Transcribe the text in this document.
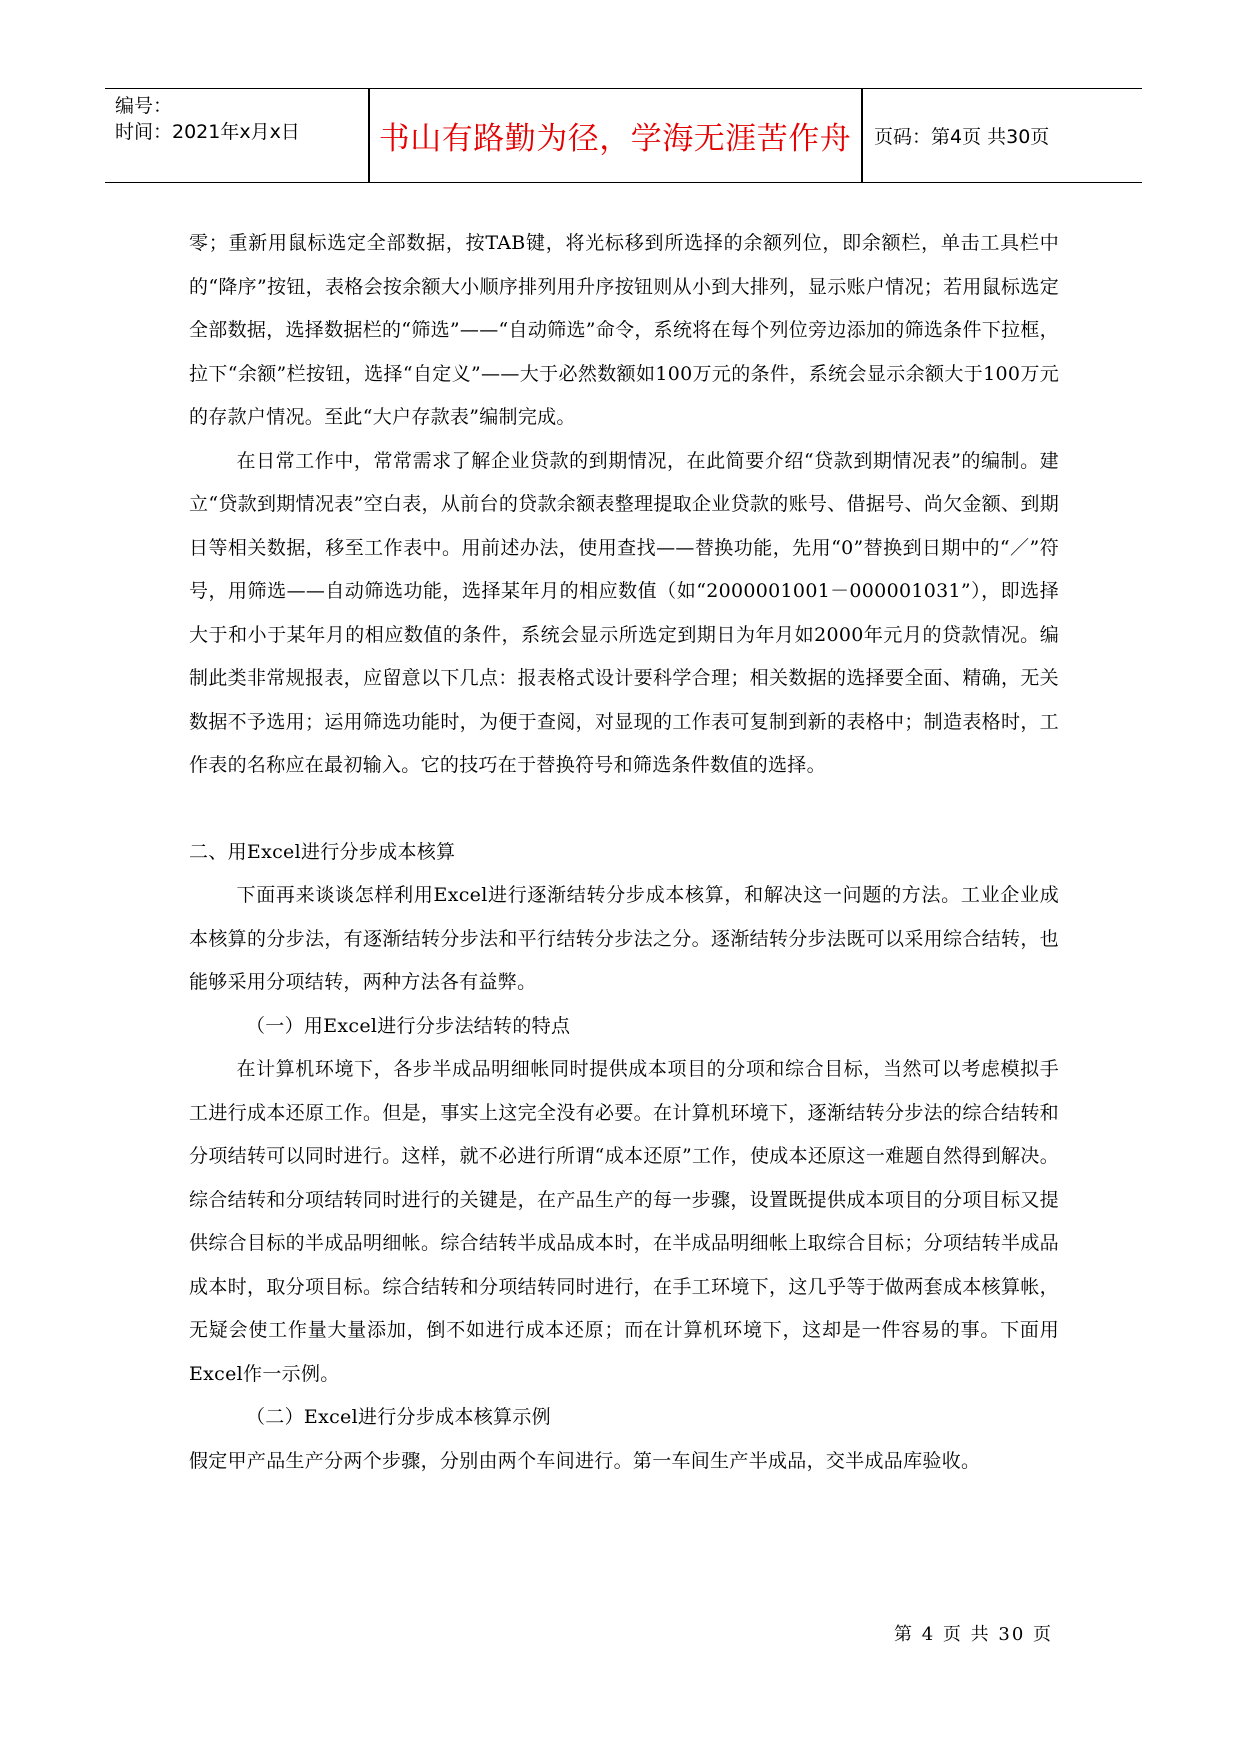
编号：
时间：2021年x月x日	书山有路勤为径，学海无涯苦作舟	页码：第4页 共30页

零；重新用鼠标选定全部数据，按TAB键，将光标移到所选择的余额列位，即余额栏，单击工具栏中的“降序”按钮，表格会按余额大小顺序排列用升序按钮则从小到大排列，显示账户情况；若用鼠标选定全部数据，选择数据栏的“筛选”——“自动筛选”命令，系统将在每个列位旁边添加的筛选条件下拉框，拉下“余额”栏按钮，选择“自定义”——大于必然数额如100万元的条件，系统会显示余额大于100万元的存款户情况。至此“大户存款表”编制完成。

在日常工作中，常常需求了解企业贷款的到期情况，在此简要介绍“贷款到期情况表”的编制。建立“贷款到期情况表”空白表，从前台的贷款余额表整理提取企业贷款的账号、借据号、尚欠金额、到期日等相关数据，移至工作表中。用前述办法，使用查找——替换功能，先用“0”替换到日期中的“／”符号，用筛选——自动筛选功能，选择某年月的相应数值（如“2000001001－000001031”），即选择大于和小于某年月的相应数值的条件，系统会显示所选定到期日为年月如2000年元月的贷款情况。编制此类非常规报表，应留意以下几点：报表格式设计要科学合理；相关数据的选择要全面、精确，无关数据不予选用；运用筛选功能时，为便于查阅，对显现的工作表可复制到新的表格中；制造表格时，工作表的名称应在最初输入。它的技巧在于替换符号和筛选条件数值的选择。

二、用Excel进行分步成本核算

下面再来谈谈怎样利用Excel进行逐渐结转分步成本核算，和解决这一问题的方法。工业企业成本核算的分步法，有逐渐结转分步法和平行结转分步法之分。逐渐结转分步法既可以采用综合结转，也能够采用分项结转，两种方法各有益弊。

（一）用Excel进行分步法结转的特点

在计算机环境下，各步半成品明细帐同时提供成本项目的分项和综合目标，当然可以考虑模拟手工进行成本还原工作。但是，事实上这完全没有必要。在计算机环境下，逐渐结转分步法的综合结转和分项结转可以同时进行。这样，就不必进行所谓“成本还原”工作，使成本还原这一难题自然得到解决。综合结转和分项结转同时进行的关键是，在产品生产的每一步骤，设置既提供成本项目的分项目标又提供综合目标的半成品明细帐。综合结转半成品成本时，在半成品明细帐上取综合目标；分项结转半成品成本时，取分项目标。综合结转和分项结转同时进行，在手工环境下，这几乎等于做两套成本核算帐，无疑会使工作量大量添加，倒不如进行成本还原；而在计算机环境下，这却是一件容易的事。下面用Excel作一示例。

（二）Excel进行分步成本核算示例

假定甲产品生产分两个步骤，分别由两个车间进行。第一车间生产半成品，交半成品库验收。

第 4 页 共 30 页
